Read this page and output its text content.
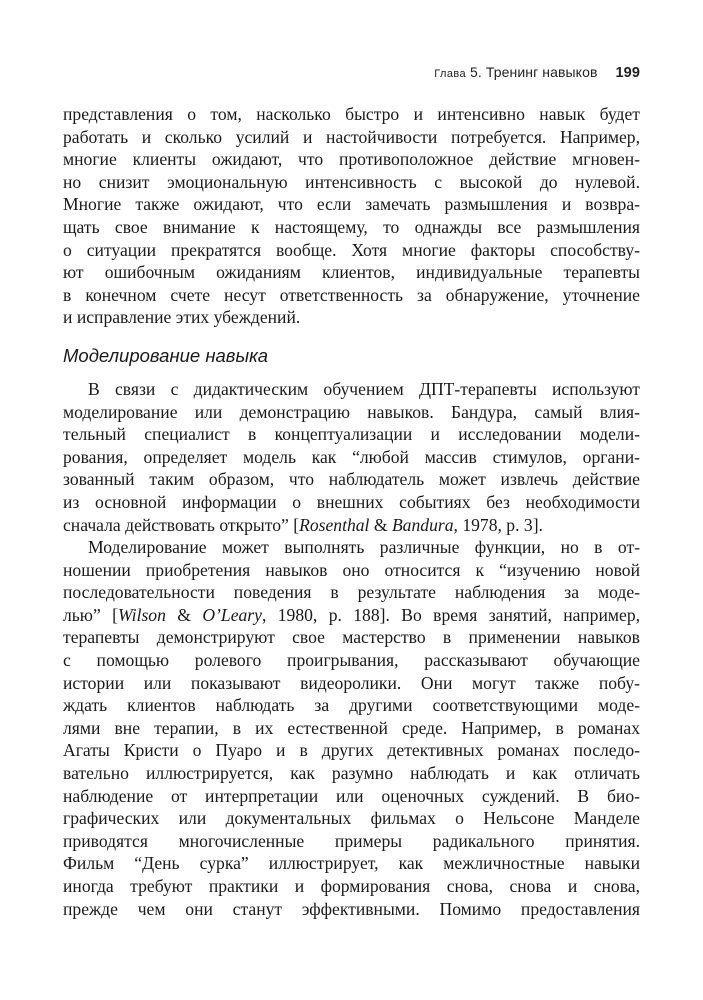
Глава 5. Тренинг навыков 199
представления о том, насколько быстро и интенсивно навык будет
работать и сколько усилий и настойчивости потребуется. Например,
многие клиенты ожидают, что противоположное действие мгновен-
но снизит эмоциональную интенсивность с высокой до нулевой.
Многие также ожидают, что если замечать размышления и возвра-
щать свое внимание к настоящему, то однажды все размышления
о ситуации прекратятся вообще. Хотя многие факторы способству-
ют ошибочным ожиданиям клиентов, индивидуальные терапевты
в конечном счете несут ответственность за обнаружение, уточнение
и исправление этих убеждений.
Моделирование навыка
В связи с дидактическим обучением ДПТ-терапевты используют
моделирование или демонстрацию навыков. Бандура, самый влия-
тельный специалист в концептуализации и исследовании модели-
рования, определяет модель как “любой массив стимулов, органи-
зованный таким образом, что наблюдатель может извлечь действие
из основной информации о внешних событиях без необходимости
сначала действовать открыто” [Rosenthal & Bandura, 1978, p. 3].
Моделирование может выполнять различные функции, но в от-
ношении приобретения навыков оно относится к “изучению новой
последовательности поведения в результате наблюдения за моде-
лью” [Wilson & O’Leary, 1980, p. 188]. Во время занятий, например,
терапевты демонстрируют свое мастерство в применении навыков
с помощью ролевого проигрывания, рассказывают обучающие
истории или показывают видеоролики. Они могут также побу-
ждать клиентов наблюдать за другими соответствующими моде-
лями вне терапии, в их естественной среде. Например, в романах
Агаты Кристи о Пуаро и в других детективных романах последо-
вательно иллюстрируется, как разумно наблюдать и как отличать
наблюдение от интерпретации или оценочных суждений. В био-
графических или документальных фильмах о Нельсоне Манделе
приводятся многочисленные примеры радикального принятия.
Фильм “День сурка” иллюстрирует, как межличностные навыки
иногда требуют практики и формирования снова, снова и снова,
прежде чем они станут эффективными. Помимо предоставления
